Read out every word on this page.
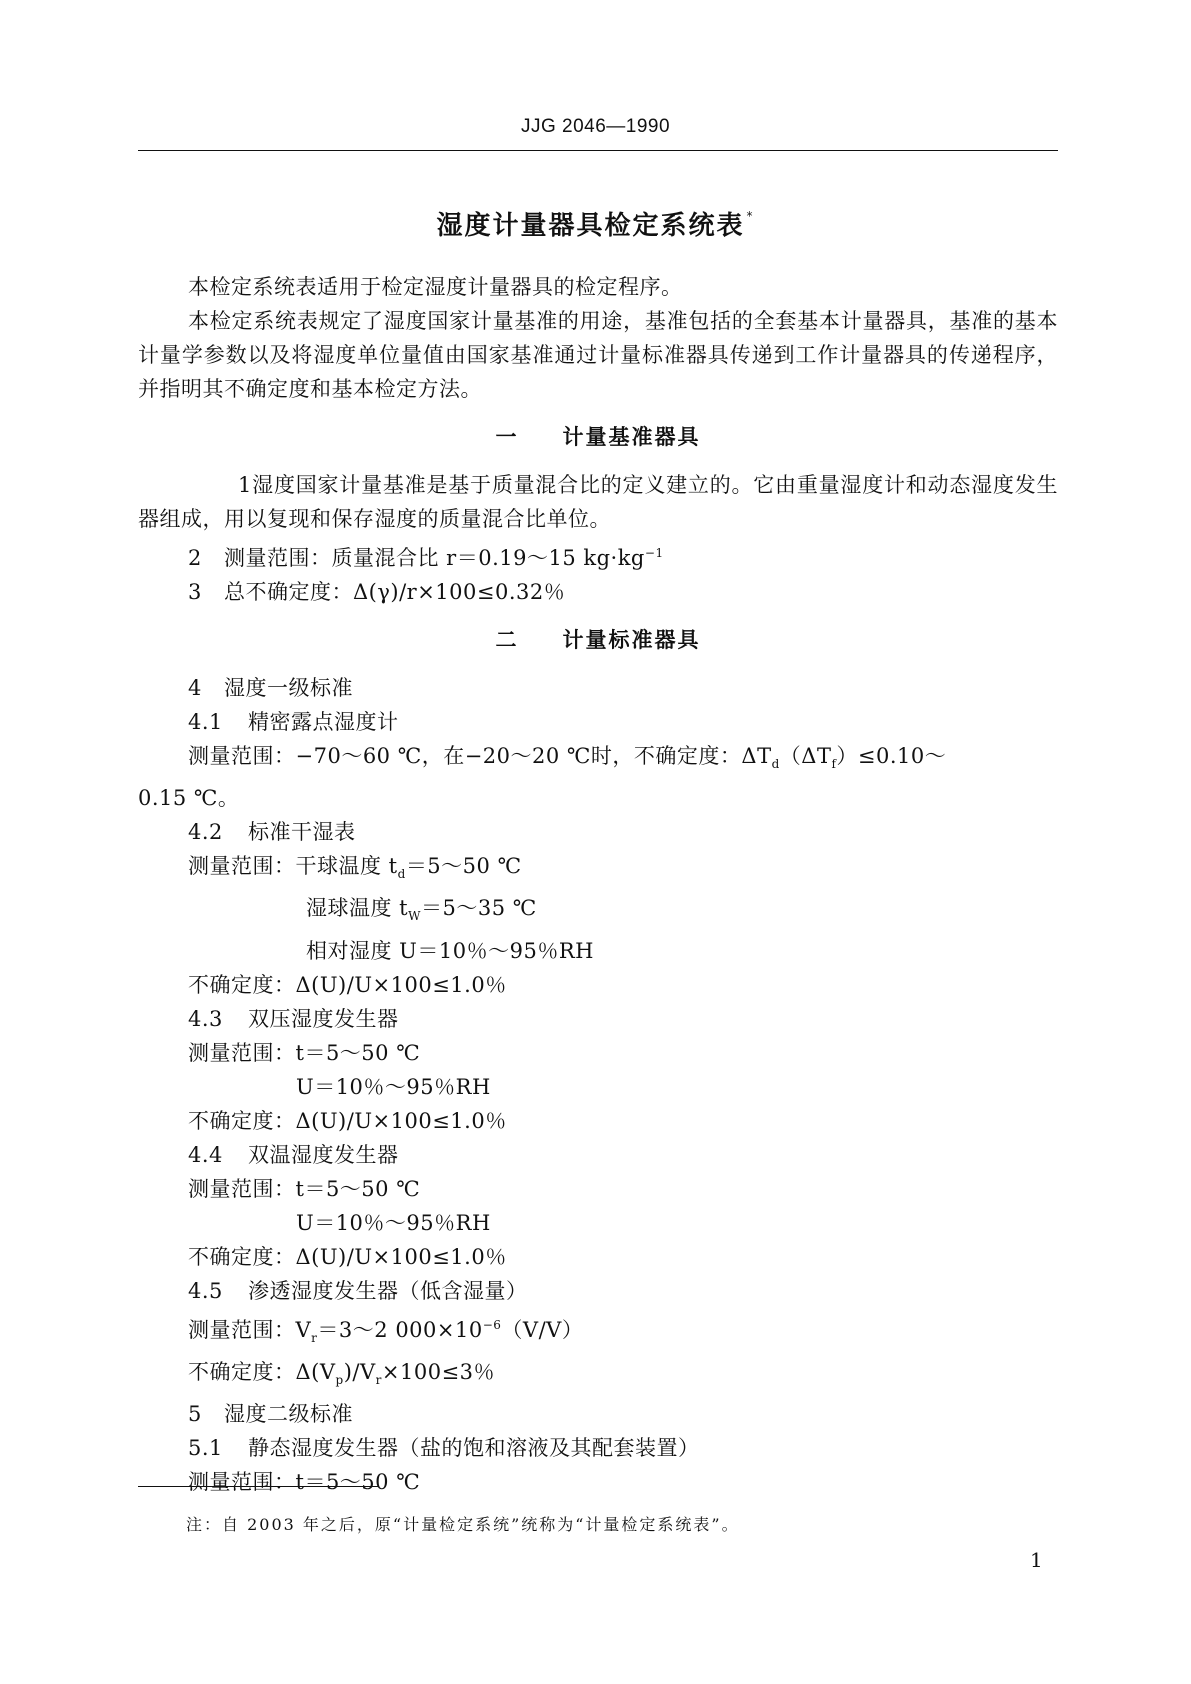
JJG 2046—1990
湿度计量器具检定系统表 *

本检定系统表适用于检定湿度计量器具的检定程序。

本检定系统表规定了湿度国家计量基准的用途，基准包括的全套基本计量器具，基准的基本计量学参数以及将湿度单位量值由国家基准通过计量标准器具传递到工作计量器具的传递程序，并指明其不确定度和基本检定方法。

一 计量基准器具

1湿度国家计量基准是基于质量混合比的定义建立的。它由重量湿度计和动态湿度发生器组成，用以复现和保存湿度的质量混合比单位。

2 测量范围：质量混合比 r＝0.19～15 $kg\cdot kg^{-1}$

3 总不确定度：Δ(γ)/r×100≤0.32％

二 计量标准器具

4 湿度一级标准

4.1 精密露点湿度计

测量范围：−70～60 ℃，在−20～20 ℃时，不确定度：$\Delta T_d(\Delta T_f)\le 0.10\sim$

0.15 ℃。

4.2 标准干湿表

测量范围：干球温度 $t_d=5\sim 50$ ℃

湿球温度 $t_W=5\sim 35$ ℃

相对湿度 U＝10％～95％RH

不确定度：Δ(U)/U×100≤1.0％

4.3 双压湿度发生器

测量范围：t＝5～50 ℃

U＝10％～95％RH

不确定度：Δ(U)/U×100≤1.0％

4.4 双温湿度发生器

测量范围：t＝5～50 ℃

U＝10％～95％RH

不确定度：Δ(U)/U×100≤1.0％

4.5 渗透湿度发生器（低含湿量）

测量范围：$V_r=3\sim 2$ $000\times 10^{-6}(V/V)$

不确定度：$\Delta(V_p)/V_r\times 100\le 3$％

5 湿度二级标准

5.1 静态湿度发生器（盐的饱和溶液及其配套装置）

测量范围：t＝5～50 ℃

注：自 2003 年之后，原“计量检定系统”统称为“计量检定系统表”。
1
